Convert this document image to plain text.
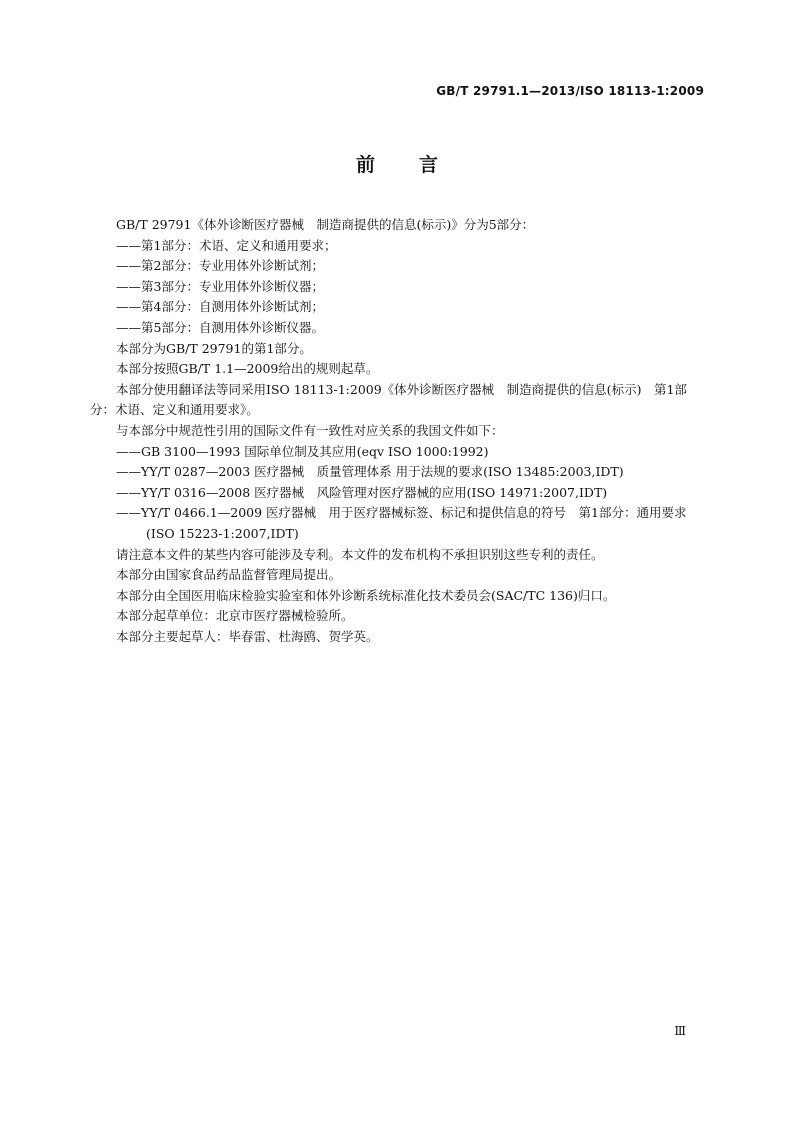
GB/T 29791.1—2013/ISO 18113-1:2009
前言

GB/T 29791《体外诊断医疗器械　制造商提供的信息(标示)》分为5部分：

——第1部分：术语、定义和通用要求；

——第2部分：专业用体外诊断试剂；

——第3部分：专业用体外诊断仪器；

——第4部分：自测用体外诊断试剂；

——第5部分：自测用体外诊断仪器。

本部分为GB/T 29791的第1部分。

本部分按照GB/T 1.1—2009给出的规则起草。

本部分使用翻译法等同采用ISO 18113-1:2009《体外诊断医疗器械　制造商提供的信息(标示)　第1部分：术语、定义和通用要求》。

与本部分中规范性引用的国际文件有一致性对应关系的我国文件如下：

——GB 3100—1993 国际单位制及其应用(eqv ISO 1000:1992)

——YY/T 0287—2003 医疗器械　质量管理体系 用于法规的要求(ISO 13485:2003,IDT)

——YY/T 0316—2008 医疗器械　风险管理对医疗器械的应用(ISO 14971:2007,IDT)

——YY/T 0466.1—2009 医疗器械　用于医疗器械标签、标记和提供信息的符号　第1部分：通用要求(ISO 15223-1:2007,IDT)

请注意本文件的某些内容可能涉及专利。本文件的发布机构不承担识别这些专利的责任。

本部分由国家食品药品监督管理局提出。

本部分由全国医用临床检验实验室和体外诊断系统标准化技术委员会(SAC/TC 136)归口。

本部分起草单位：北京市医疗器械检验所。

本部分主要起草人：毕春雷、杜海鸥、贺学英。

Ⅲ
